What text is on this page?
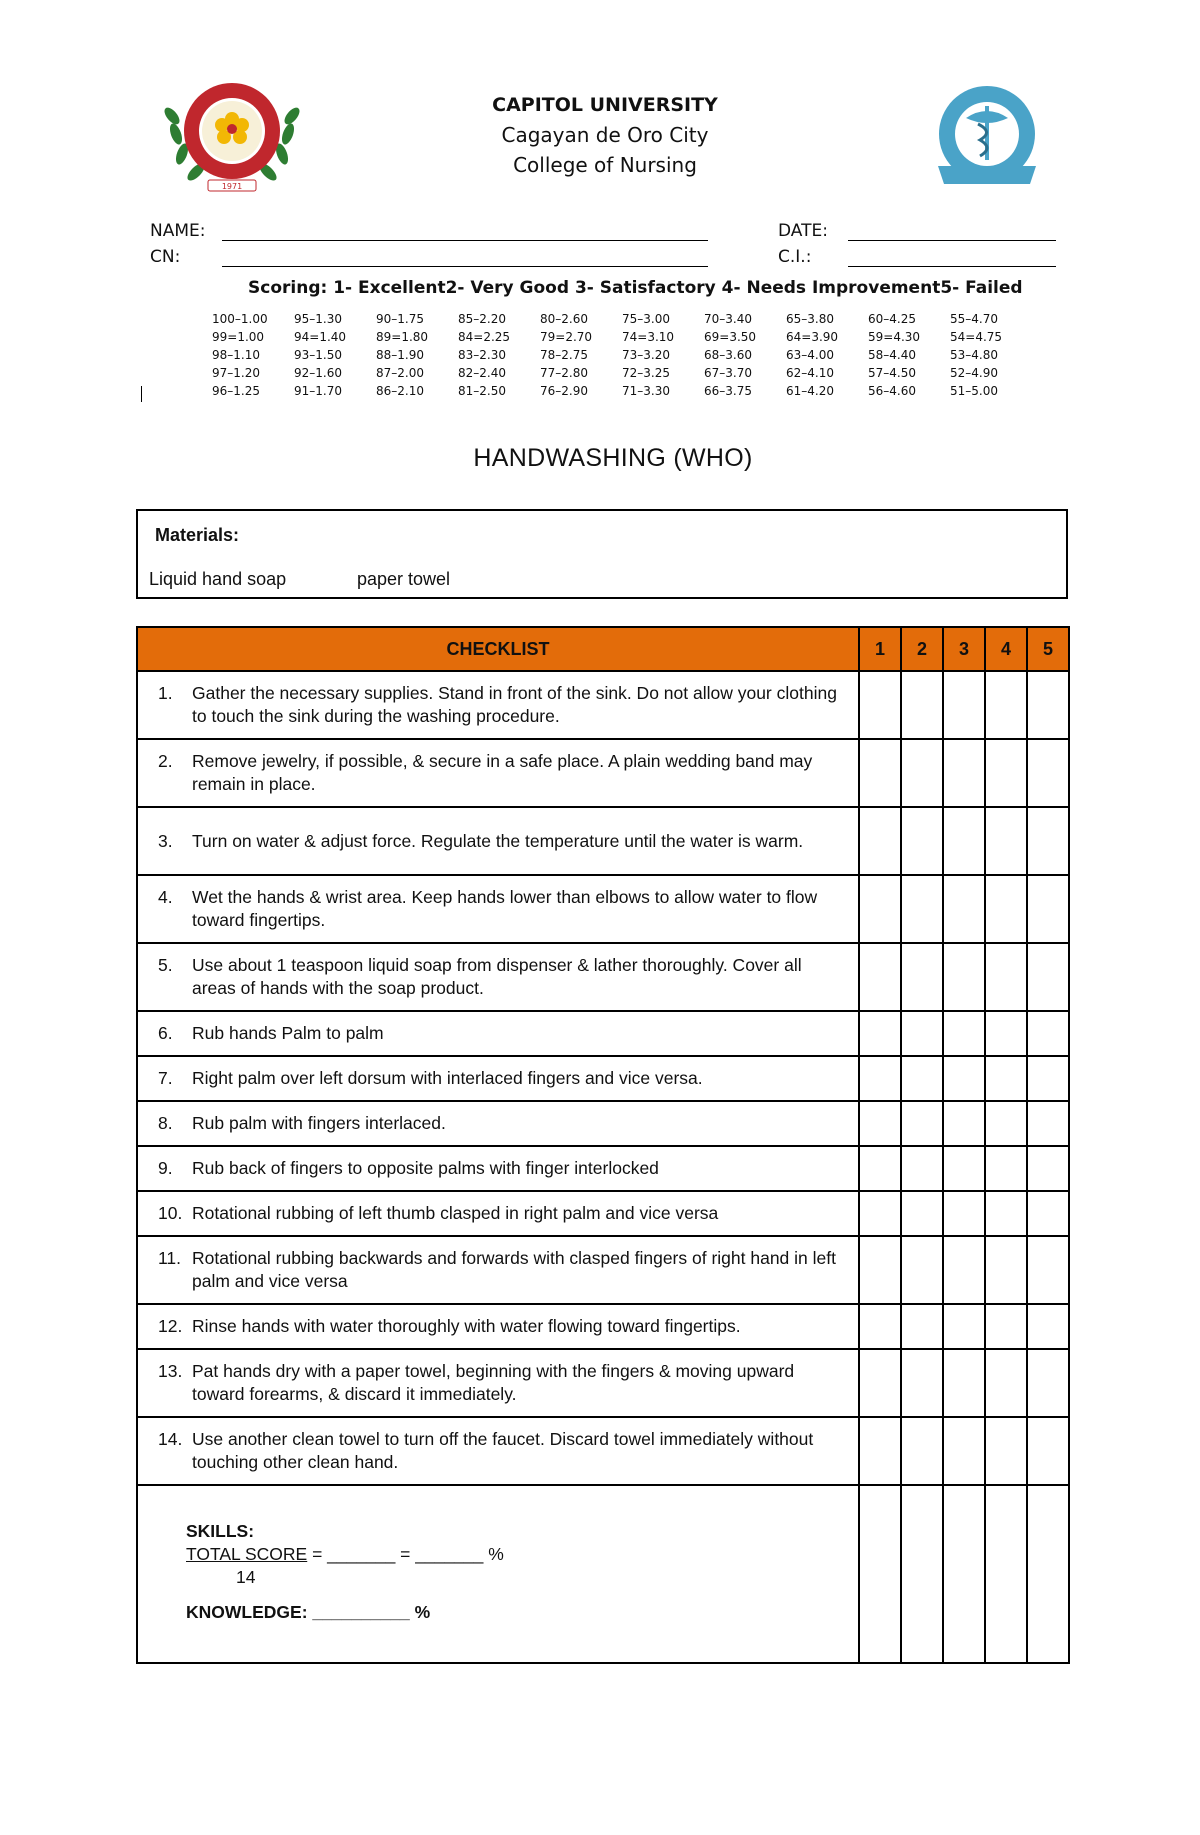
1971
CAPITOL UNIVERSITY
Cagayan de Oro City
College of Nursing
NAME:
CN:
DATE:
C.I.:
Scoring: 1- Excellent2- Very Good 3- Satisfactory 4- Needs Improvement5- Failed
100–1.00	95–1.30	90–1.75	85–2.20	80–2.60	75–3.00	70–3.40	65–3.80	60–4.25	55–4.70
99=1.00	94=1.40	89=1.80	84=2.25	79=2.70	74=3.10	69=3.50	64=3.90	59=4.30	54=4.75
98–1.10	93–1.50	88–1.90	83–2.30	78–2.75	73–3.20	68–3.60	63–4.00	58–4.40	53–4.80
97–1.20	92–1.60	87–2.00	82–2.40	77–2.80	72–3.25	67–3.70	62–4.10	57–4.50	52–4.90
96–1.25	91–1.70	86–2.10	81–2.50	76–2.90	71–3.30	66–3.75	61–4.20	56–4.60	51–5.00
HANDWASHING (WHO)
Materials:
Liquid hand soap	paper towel
CHECKLIST	1	2	3	4	5

1. Gather the necessary supplies. Stand in front of the sink. Do not allow your clothing to touch the sink during the washing procedure.					

2. Remove jewelry, if possible, & secure in a safe place. A plain wedding band may remain in place.					

3. Turn on water & adjust force. Regulate the temperature until the water is warm.					

4. Wet the hands & wrist area. Keep hands lower than elbows to allow water to flow toward fingertips.					

5. Use about 1 teaspoon liquid soap from dispenser & lather thoroughly. Cover all areas of hands with the soap product.					

6. Rub hands Palm to palm					

7. Right palm over left dorsum with interlaced fingers and vice versa.					

8. Rub palm with fingers interlaced.					

9. Rub back of fingers to opposite palms with finger interlocked					

10. Rotational rubbing of left thumb clasped in right palm and vice versa					

11. Rotational rubbing backwards and forwards with clasped fingers of right hand in left palm and vice versa					

12. Rinse hands with water thoroughly with water flowing toward fingertips.					

13. Pat hands dry with a paper towel, beginning with the fingers & moving upward toward forearms, & discard it immediately.					

14. Use another clean towel to turn off the faucet. Discard towel immediately without touching other clean hand.					

SKILLS:
TOTAL SCORE = _______ = _______ %
14
KNOWLEDGE: __________ %					
